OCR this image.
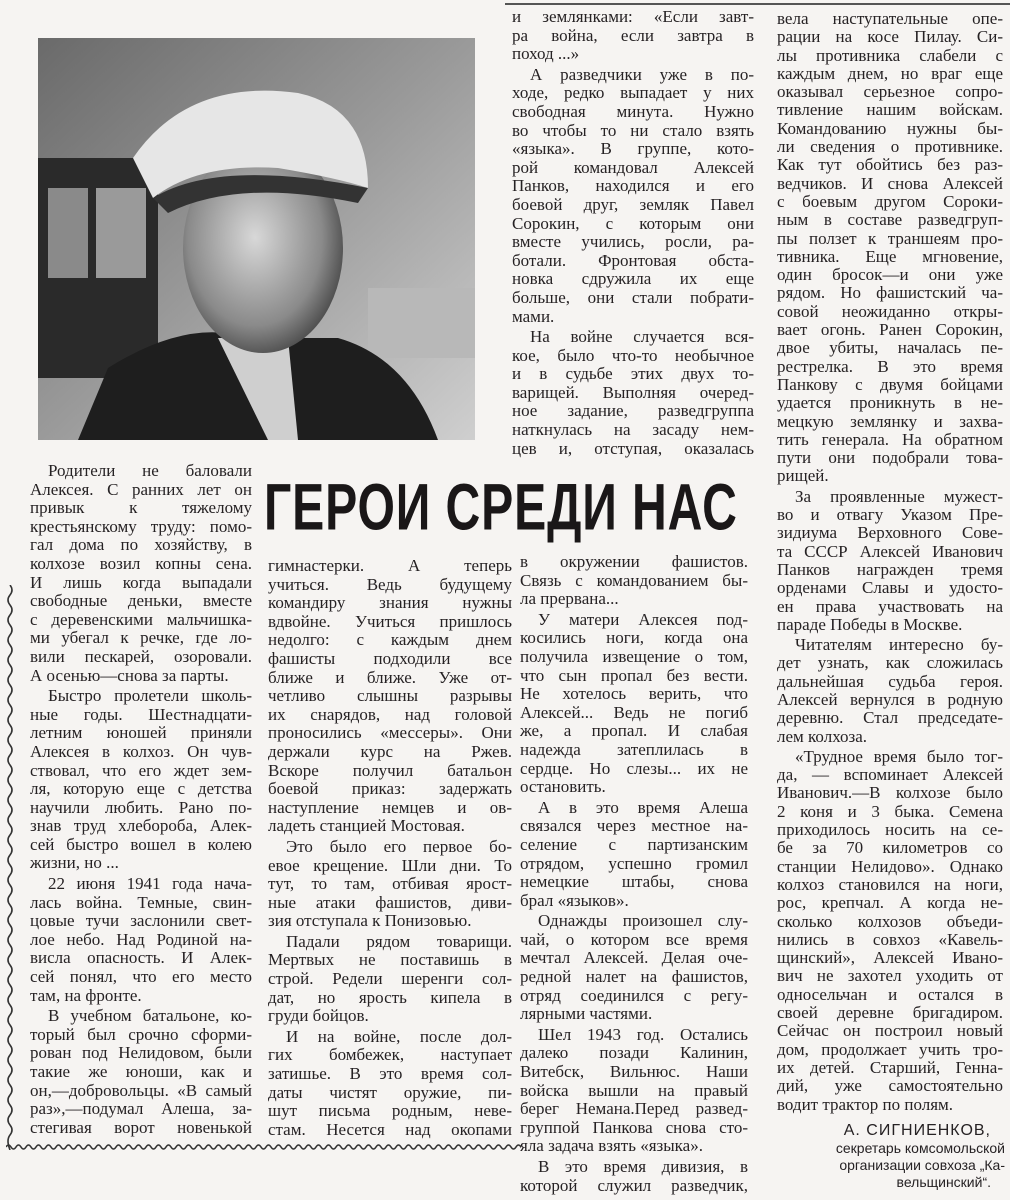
ГЕРОИ СРЕДИ НАС
Родители не баловали
Алексея. С ранних лет он
привык к тяжелому
крестьянскому труду: помо-
гал дома по хозяйству, в
колхозе возил копны сена.
И лишь когда выпадали
свободные деньки, вместе
с деревенскими мальчишка-
ми убегал к речке, где ло-
вили пескарей, озоровали.
А осенью—снова за парты.
Быстро пролетели школь-
ные годы. Шестнадцати-
летним юношей приняли
Алексея в колхоз. Он чув-
ствовал, что его ждет зем-
ля, которую еще с детства
научили любить. Рано по-
знав труд хлебороба, Алек-
сей быстро вошел в колею
жизни, но ...
22 июня 1941 года нача-
лась война. Темные, свин-
цовые тучи заслонили свет-
лое небо. Над Родиной на-
висла опасность. И Алек-
сей понял, что его место
там, на фронте.
В учебном батальоне, ко-
торый был срочно сформи-
рован под Нелидовом, были
такие же юноши, как и
он,—добровольцы. «В самый
раз»,—подумал Алеша, за-
стегивая ворот новенькой
гимнастерки. А теперь
учиться. Ведь будущему
командиру знания нужны
вдвойне. Учиться пришлось
недолго: с каждым днем
фашисты подходили все
ближе и ближе. Уже от-
четливо слышны разрывы
их снарядов, над головой
проносились «мессеры». Они
держали курс на Ржев.
Вскоре получил батальон
боевой приказ: задержать
наступление немцев и ов-
ладеть станцией Мостовая.
Это было его первое бо-
евое крещение. Шли дни. То
тут, то там, отбивая ярост-
ные атаки фашистов, диви-
зия отступала к Понизовью.
Падали рядом товарищи.
Мертвых не поставишь в
строй. Редели шеренги сол-
дат, но ярость кипела в
груди бойцов.
И на войне, после дол-
гих бомбежек, наступает
затишье. В это время сол-
даты чистят оружие, пи-
шут письма родным, неве-
стам. Несется над окопами
и землянками: «Если завт-
ра война, если завтра в
поход ...»
А разведчики уже в по-
ходе, редко выпадает у них
свободная минута. Нужно
во чтобы то ни стало взять
«языка». В группе, кото-
рой командовал Алексей
Панков, находился и его
боевой друг, земляк Павел
Сорокин, с которым они
вместе учились, росли, ра-
ботали. Фронтовая обста-
новка сдружила их еще
больше, они стали побрати-
мами.
На войне случается вся-
кое, было что-то необычное
и в судьбе этих двух то-
варищей. Выполняя очеред-
ное задание, разведгруппа
наткнулась на засаду нем-
цев и, отступая, оказалась
в окружении фашистов.
Связь с командованием бы-
ла прервана...
У матери Алексея под-
косились ноги, когда она
получила извещение о том,
что сын пропал без вести.
Не хотелось верить, что
Алексей... Ведь не погиб
же, а пропал. И слабая
надежда затеплилась в
сердце. Но слезы... их не
остановить.
А в это время Алеша
связался через местное на-
селение с партизанским
отрядом, успешно громил
немецкие штабы, снова
брал «языков».
Однажды произошел слу-
чай, о котором все время
мечтал Алексей. Делая оче-
редной налет на фашистов,
отряд соединился с регу-
лярными частями.
Шел 1943 год. Остались
далеко позади Калинин,
Витебск, Вильнюс. Наши
войска вышли на правый
берег Немана.Перед развед-
группой Панкова снова сто-
яла задача взять «языка».
В это время дивизия, в
которой служил разведчик,
вела наступательные опе-
рации на косе Пилау. Си-
лы противника слабели с
каждым днем, но враг еще
оказывал серьезное сопро-
тивление нашим войскам.
Командованию нужны бы-
ли сведения о противнике.
Как тут обойтись без раз-
ведчиков. И снова Алексей
с боевым другом Сороки-
ным в составе разведгруп-
пы ползет к траншеям про-
тивника. Еще мгновение,
один бросок—и они уже
рядом. Но фашистский ча-
совой неожиданно откры-
вает огонь. Ранен Сорокин,
двое убиты, началась пе-
рестрелка. В это время
Панкову с двумя бойцами
удается проникнуть в не-
мецкую землянку и захва-
тить генерала. На обратном
пути они подобрали това-
рищей.
За проявленные мужест-
во и отвагу Указом Пре-
зидиума Верховного Сове-
та СССР Алексей Иванович
Панков награжден тремя
орденами Славы и удосто-
ен права участвовать на
параде Победы в Москве.
Читателям интересно бу-
дет узнать, как сложилась
дальнейшая судьба героя.
Алексей вернулся в родную
деревню. Стал председате-
лем колхоза.
«Трудное время было тог-
да, — вспоминает Алексей
Иванович.—В колхозе было
2 коня и 3 быка. Семена
приходилось носить на се-
бе за 70 километров со
станции Нелидово». Однако
колхоз становился на ноги,
рос, крепчал. А когда не-
сколько колхозов объеди-
нились в совхоз «Кавель-
щинский», Алексей Ивано-
вич не захотел уходить от
односельчан и остался в
своей деревне бригадиром.
Сейчас он построил новый
дом, продолжает учить тро-
их детей. Старший, Генна-
дий, уже самостоятельно
водит трактор по полям.
А. СИГНИЕНКОВ,
секретарь комсомольской
организации совхоза „Ка-
вельщинский“.
